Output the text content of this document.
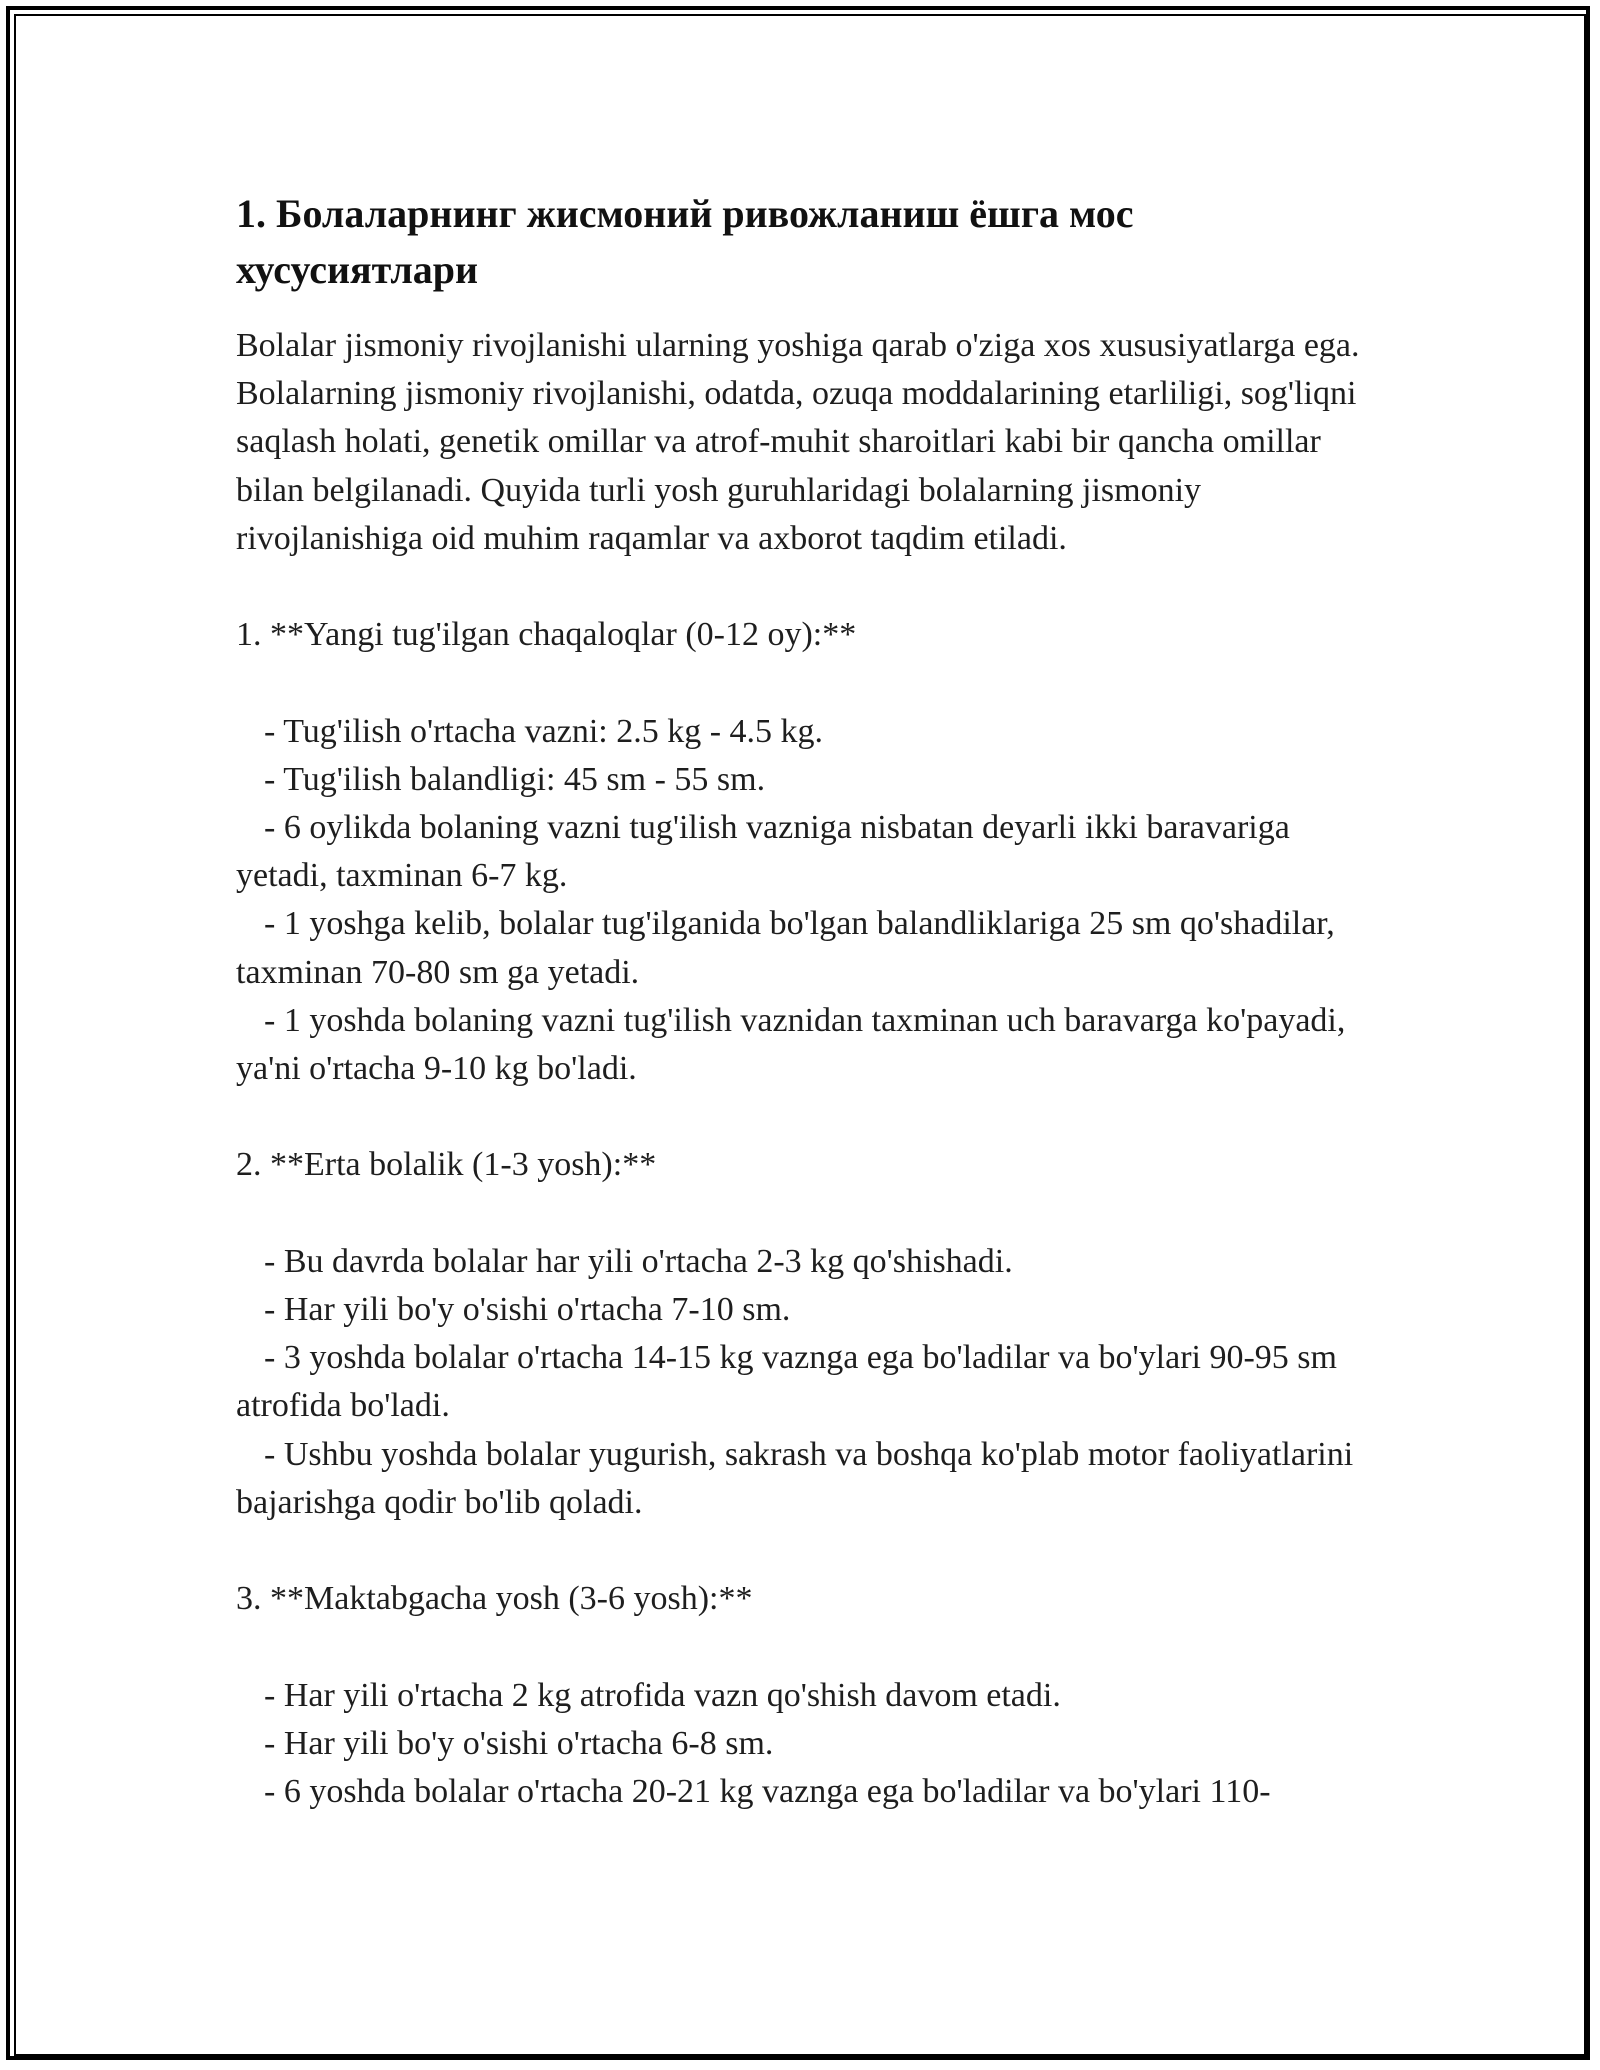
1. Болаларнинг жисмоний ривожланиш ёшга мос хусусиятлари

Bolalar jismoniy rivojlanishi ularning yoshiga qarab o'ziga xos xususiyatlarga ega. Bolalarning jismoniy rivojlanishi, odatda, ozuqa moddalarining etarliligi, sog'liqni saqlash holati, genetik omillar va atrof-muhit sharoitlari kabi bir qancha omillar bilan belgilanadi. Quyida turli yosh guruhlaridagi bolalarning jismoniy rivojlanishiga oid muhim raqamlar va axborot taqdim etiladi.

1. **Yangi tug'ilgan chaqaloqlar (0-12 oy):**

- Tug'ilish o'rtacha vazni: 2.5 kg - 4.5 kg.

- Tug'ilish balandligi: 45 sm - 55 sm.

- 6 oylikda bolaning vazni tug'ilish vazniga nisbatan deyarli ikki baravariga yetadi, taxminan 6-7 kg.

- 1 yoshga kelib, bolalar tug'ilganida bo'lgan balandliklariga 25 sm qo'shadilar, taxminan 70-80 sm ga yetadi.

- 1 yoshda bolaning vazni tug'ilish vaznidan taxminan uch baravarga ko'payadi, ya'ni o'rtacha 9-10 kg bo'ladi.

2. **Erta bolalik (1-3 yosh):**

- Bu davrda bolalar har yili o'rtacha 2-3 kg qo'shishadi.

- Har yili bo'y o'sishi o'rtacha 7-10 sm.

- 3 yoshda bolalar o'rtacha 14-15 kg vaznga ega bo'ladilar va bo'ylari 90-95 sm atrofida bo'ladi.

- Ushbu yoshda bolalar yugurish, sakrash va boshqa ko'plab motor faoliyatlarini bajarishga qodir bo'lib qoladi.

3. **Maktabgacha yosh (3-6 yosh):**

- Har yili o'rtacha 2 kg atrofida vazn qo'shish davom etadi.

- Har yili bo'y o'sishi o'rtacha 6-8 sm.

- 6 yoshda bolalar o'rtacha 20-21 kg vaznga ega bo'ladilar va bo'ylari 110-
